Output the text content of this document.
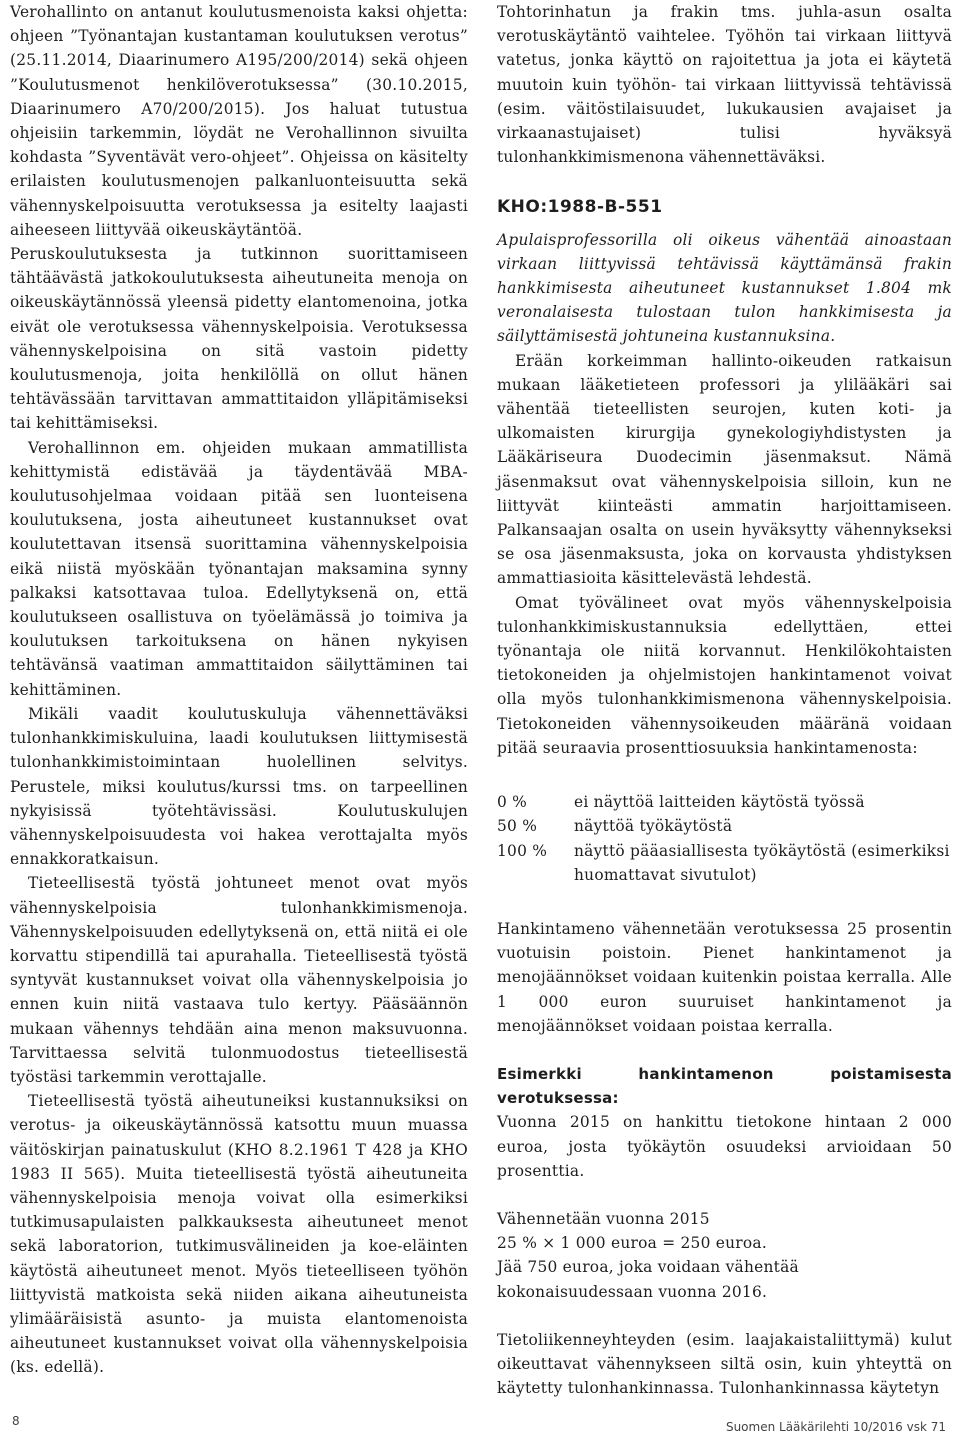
Verohallinto on antanut koulutusmenoista kaksi ohjetta: ohjeen ”Työnantajan kustantaman koulutuksen verotus” (25.11.2014, Diaarinumero A195/200/2014) sekä ohjeen ”Koulutusmenot henkilöverotuksessa” (30.10.2015, Diaarinumero A70/200/2015). Jos haluat tutustua ohjeisiin tarkemmin, löydät ne Verohallinnon sivuilta kohdasta ”Syventävät vero-ohjeet”. Ohjeissa on käsitelty erilaisten koulutusmenojen palkanluonteisuutta sekä vähennyskelpoisuutta verotuksessa ja esitelty laajasti aiheeseen liittyvää oikeuskäytäntöä.

Peruskoulutuksesta ja tutkinnon suorittamiseen tähtäävästä jatkokoulutuksesta aiheutuneita menoja on oikeuskäytännössä yleensä pidetty elantomenoina, jotka eivät ole verotuksessa vähennyskelpoisia. Verotuksessa vähennyskelpoisina on sitä vastoin pidetty koulutusmenoja, joita henkilöllä on ollut hänen tehtävässään tarvittavan ammattitaidon ylläpitämiseksi tai kehittämiseksi.

Verohallinnon em. ohjeiden mukaan ammatillista kehittymistä edistävää ja täydentävää MBA-koulutusohjelmaa voidaan pitää sen luonteisena koulutuksena, josta aiheutuneet kustannukset ovat koulutettavan itsensä suorittamina vähennyskelpoisia eikä niistä myöskään työnantajan maksamina synny palkaksi katsottavaa tuloa. Edellytyksenä on, että koulutukseen osallistuva on työelämässä jo toimiva ja koulutuksen tarkoituksena on hänen nykyisen tehtävänsä vaatiman ammattitaidon säilyttäminen tai kehittäminen.

Mikäli vaadit koulutuskuluja vähennettäväksi tulonhankkimiskuluina, laadi koulutuksen liittymisestä tulonhankkimistoimintaan huolellinen selvitys. Perustele, miksi koulutus/kurssi tms. on tarpeellinen nykyisissä työtehtävissäsi. Koulutuskulujen vähennyskelpoisuudesta voi hakea verottajalta myös ennakkoratkaisun.

Tieteellisestä työstä johtuneet menot ovat myös vähennyskelpoisia tulonhankkimismenoja. Vähennyskelpoisuuden edellytyksenä on, että niitä ei ole korvattu stipendillä tai apurahalla. Tieteellisestä työstä syntyvät kustannukset voivat olla vähennyskelpoisia jo ennen kuin niitä vastaava tulo kertyy. Pääsäännön mukaan vähennys tehdään aina menon maksuvuonna. Tarvittaessa selvitä tulonmuodostus tieteellisestä työstäsi tarkemmin verottajalle.

Tieteellisestä työstä aiheutuneiksi kustannuksiksi on verotus- ja oikeuskäytännössä katsottu muun muassa väitöskirjan painatuskulut (KHO 8.2.1961 T 428 ja KHO 1983 II 565). Muita tieteellisestä työstä aiheutuneita vähennyskelpoisia menoja voivat olla esimerkiksi tutkimusapulaisten palkkauksesta aiheutuneet menot sekä laboratorion, tutkimusvälineiden ja koe-eläinten käytöstä aiheutuneet menot. Myös tieteelliseen työhön liittyvistä matkoista sekä niiden aikana aiheutuneista ylimääräisistä asunto- ja muista elantomenoista aiheutuneet kustannukset voivat olla vähennyskelpoisia (ks. edellä).

Tohtorinhatun ja frakin tms. juhla-asun osalta verotuskäytäntö vaihtelee. Työhön tai virkaan liittyvä vatetus, jonka käyttö on rajoitettua ja jota ei käytetä muutoin kuin työhön- tai virkaan liittyvissä tehtävissä (esim. väitöstilaisuudet, lukukausien avajaiset ja virkaanastujaiset) tulisi hyväksyä tulonhankkimismenona vähennettäväksi.

KHO:1988-B-551

Apulaisprofessorilla oli oikeus vähentää ainoastaan virkaan liittyvissä tehtävissä käyttämänsä frakin hankkimisesta aiheutuneet kustannukset 1.804 mk veronalaisesta tulostaan tulon hankkimisesta ja säilyttämisestä johtuneina kustannuksina.

Erään korkeimman hallinto-oikeuden ratkaisun mukaan lääketieteen professori ja ylilääkäri sai vähentää tieteellisten seurojen, kuten koti- ja ulkomaisten kirurgija gynekologiyhdistysten ja Lääkäriseura Duodecimin jäsenmaksut. Nämä jäsenmaksut ovat vähennyskelpoisia silloin, kun ne liittyvät kiinteästi ammatin harjoittamiseen. Palkansaajan osalta on usein hyväksytty vähennykseksi se osa jäsenmaksusta, joka on korvausta yhdistyksen ammattiasioita käsittelevästä lehdestä.

Omat työvälineet ovat myös vähennyskelpoisia tulonhankkimiskustannuksia edellyttäen, ettei työnantaja ole niitä korvannut. Henkilökohtaisten tietokoneiden ja ohjelmistojen hankintamenot voivat olla myös tulonhankkimismenona vähennyskelpoisia. Tietokoneiden vähennysoikeuden määränä voidaan pitää seuraavia prosenttiosuuksia hankintamenosta:

0 %	ei näyttöä laitteiden käytöstä työssä
50 %	näyttöä työkäytöstä
100 %	näyttö pääasiallisesta työkäytöstä (esimerkiksi huomattavat sivutulot)

Hankintameno vähennetään verotuksessa 25 prosentin vuotuisin poistoin. Pienet hankintamenot ja menojäännökset voidaan kuitenkin poistaa kerralla. Alle 1 000 euron suuruiset hankintamenot ja menojäännökset voidaan poistaa kerralla.

Esimerkki hankintamenon poistamisesta verotuksessa:

Vuonna 2015 on hankittu tietokone hintaan 2 000 euroa, josta työkäytön osuudeksi arvioidaan 50 prosenttia.

Vähennetään vuonna 2015

25 % × 1 000 euroa = 250 euroa.

Jää 750 euroa, joka voidaan vähentää

kokonaisuudessaan vuonna 2016.

Tietoliikenneyhteyden (esim. laajakaistaliittymä) kulut oikeuttavat vähennykseen siltä osin, kuin yhteyttä on käytetty tulonhankinnassa. Tulonhankinnassa käytetyn

8	Suomen Lääkärilehti 10/2016 vsk 71
